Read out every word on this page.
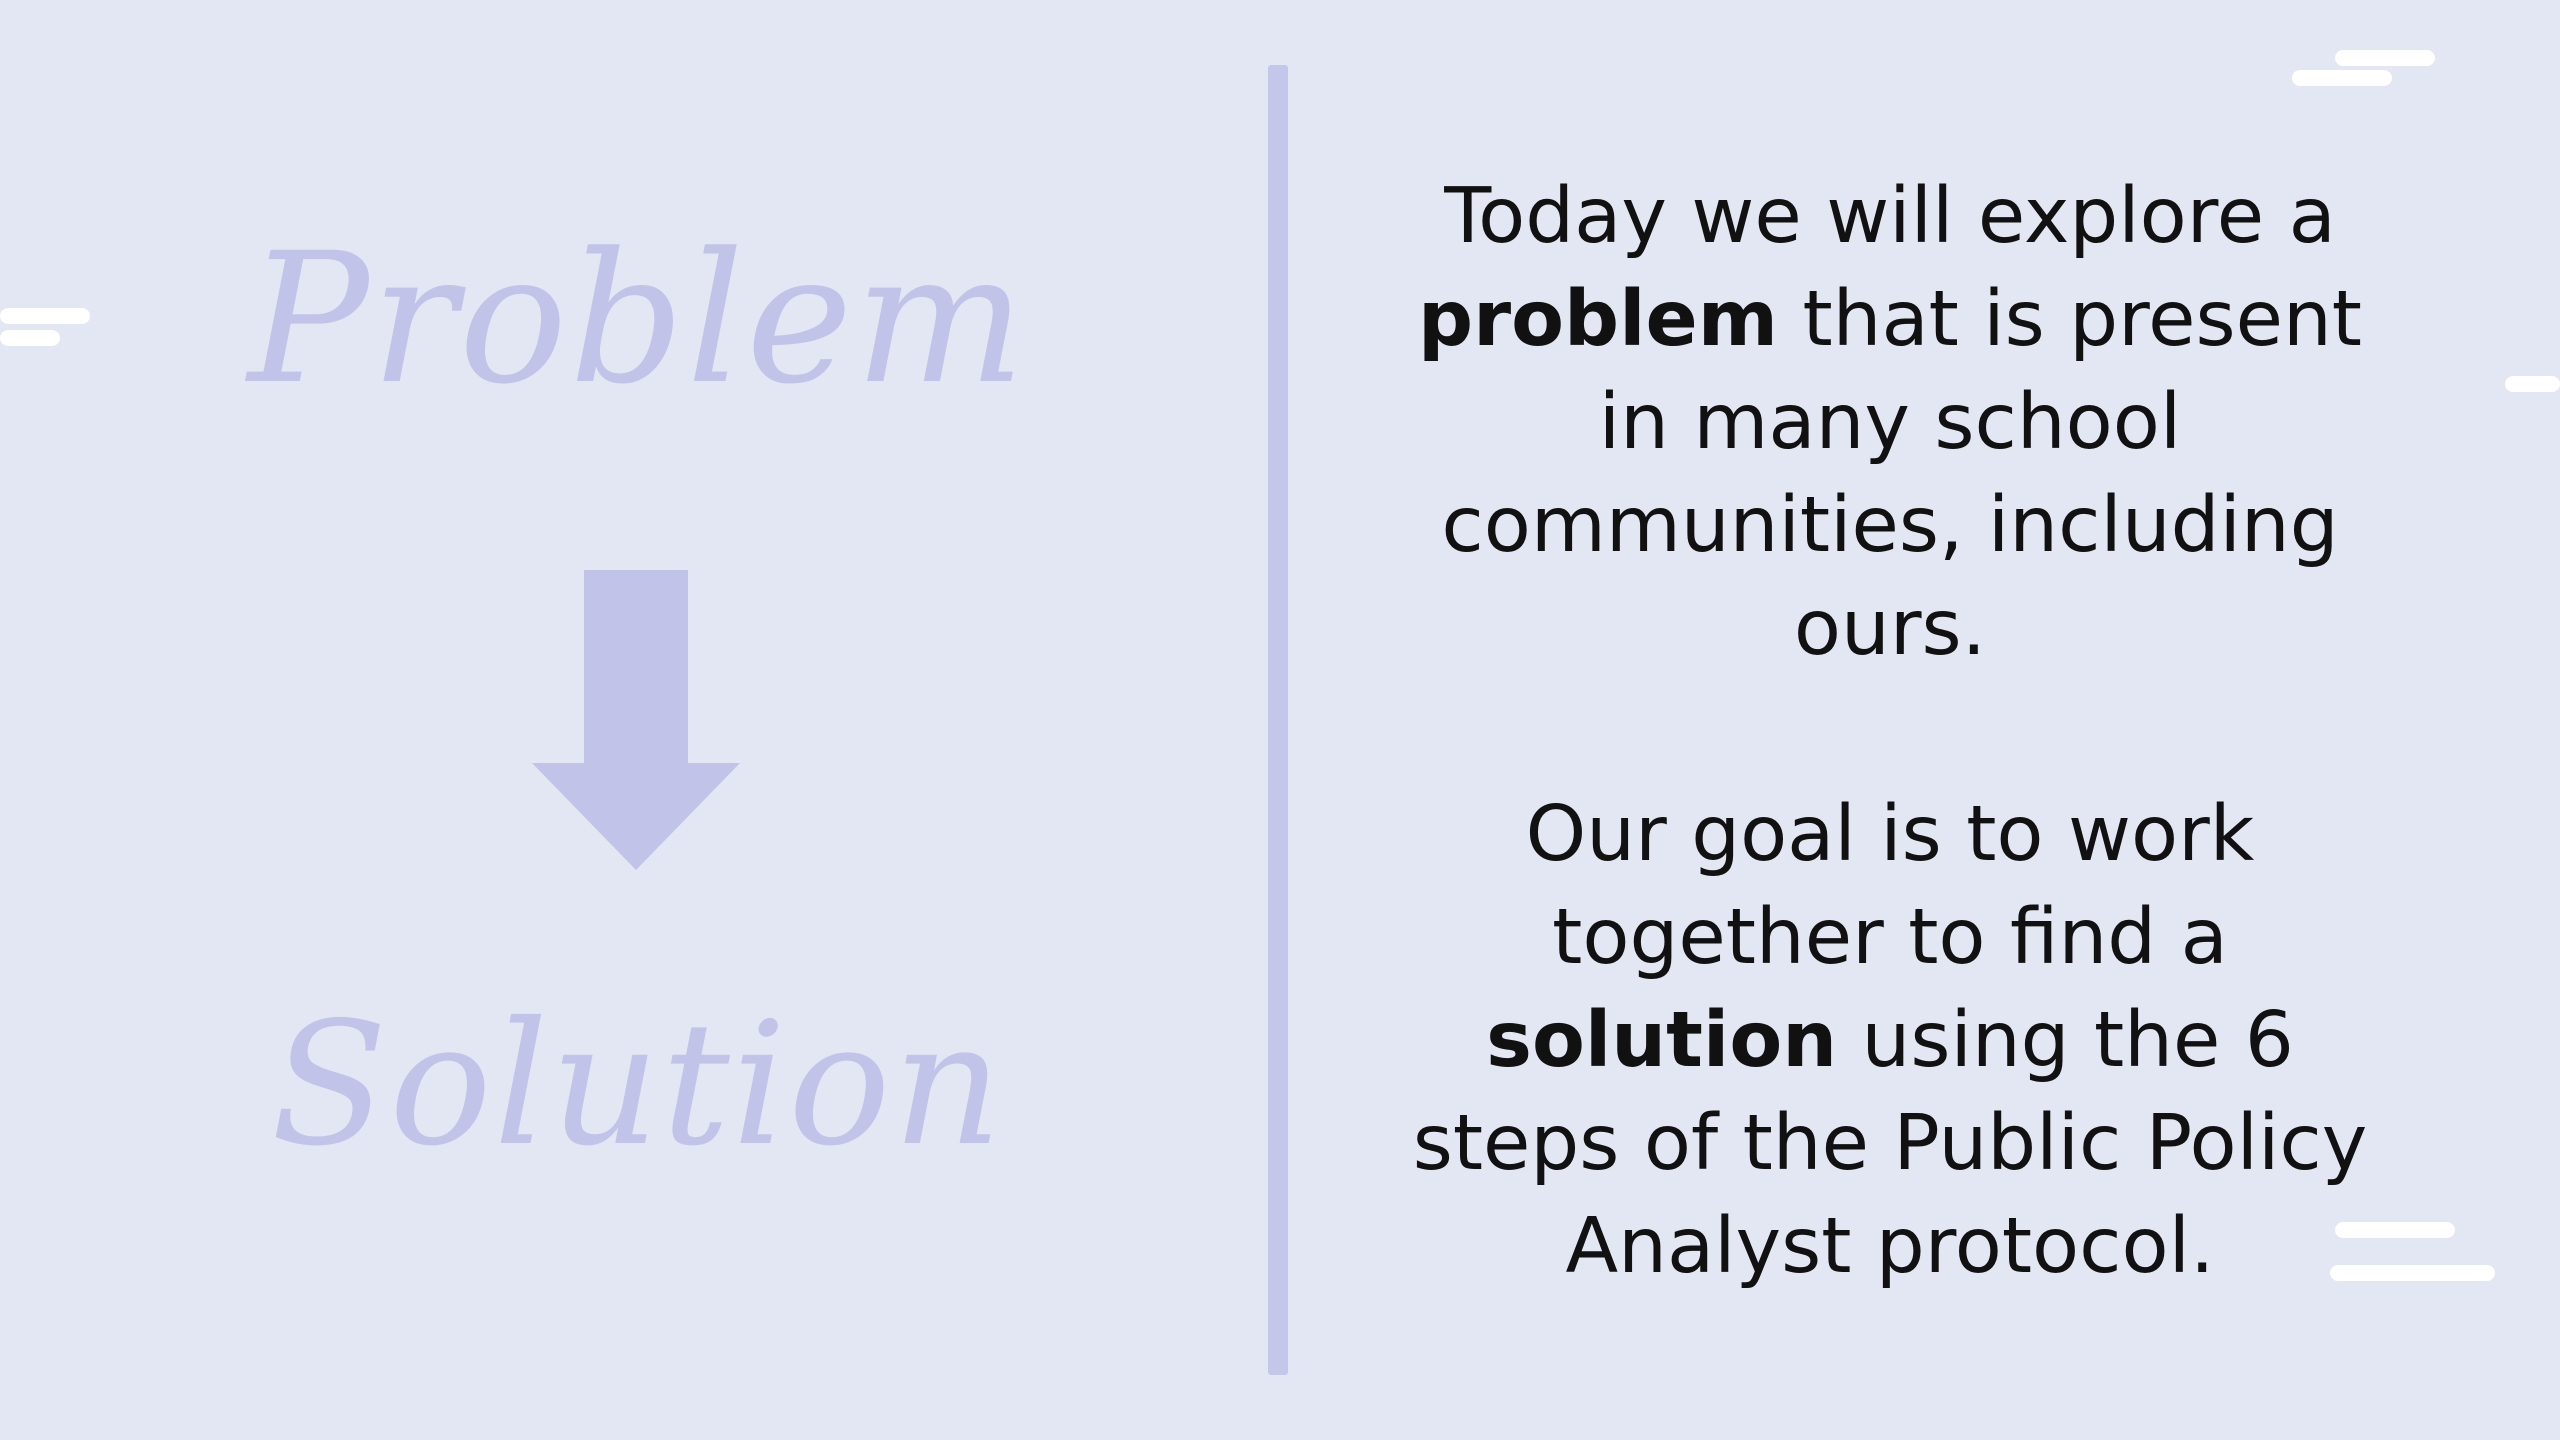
Problem
Solution

Today we will explore a problem that is present in many school communities, including ours.

Our goal is to work together to find a solution using the 6 steps of the Public Policy Analyst protocol.
